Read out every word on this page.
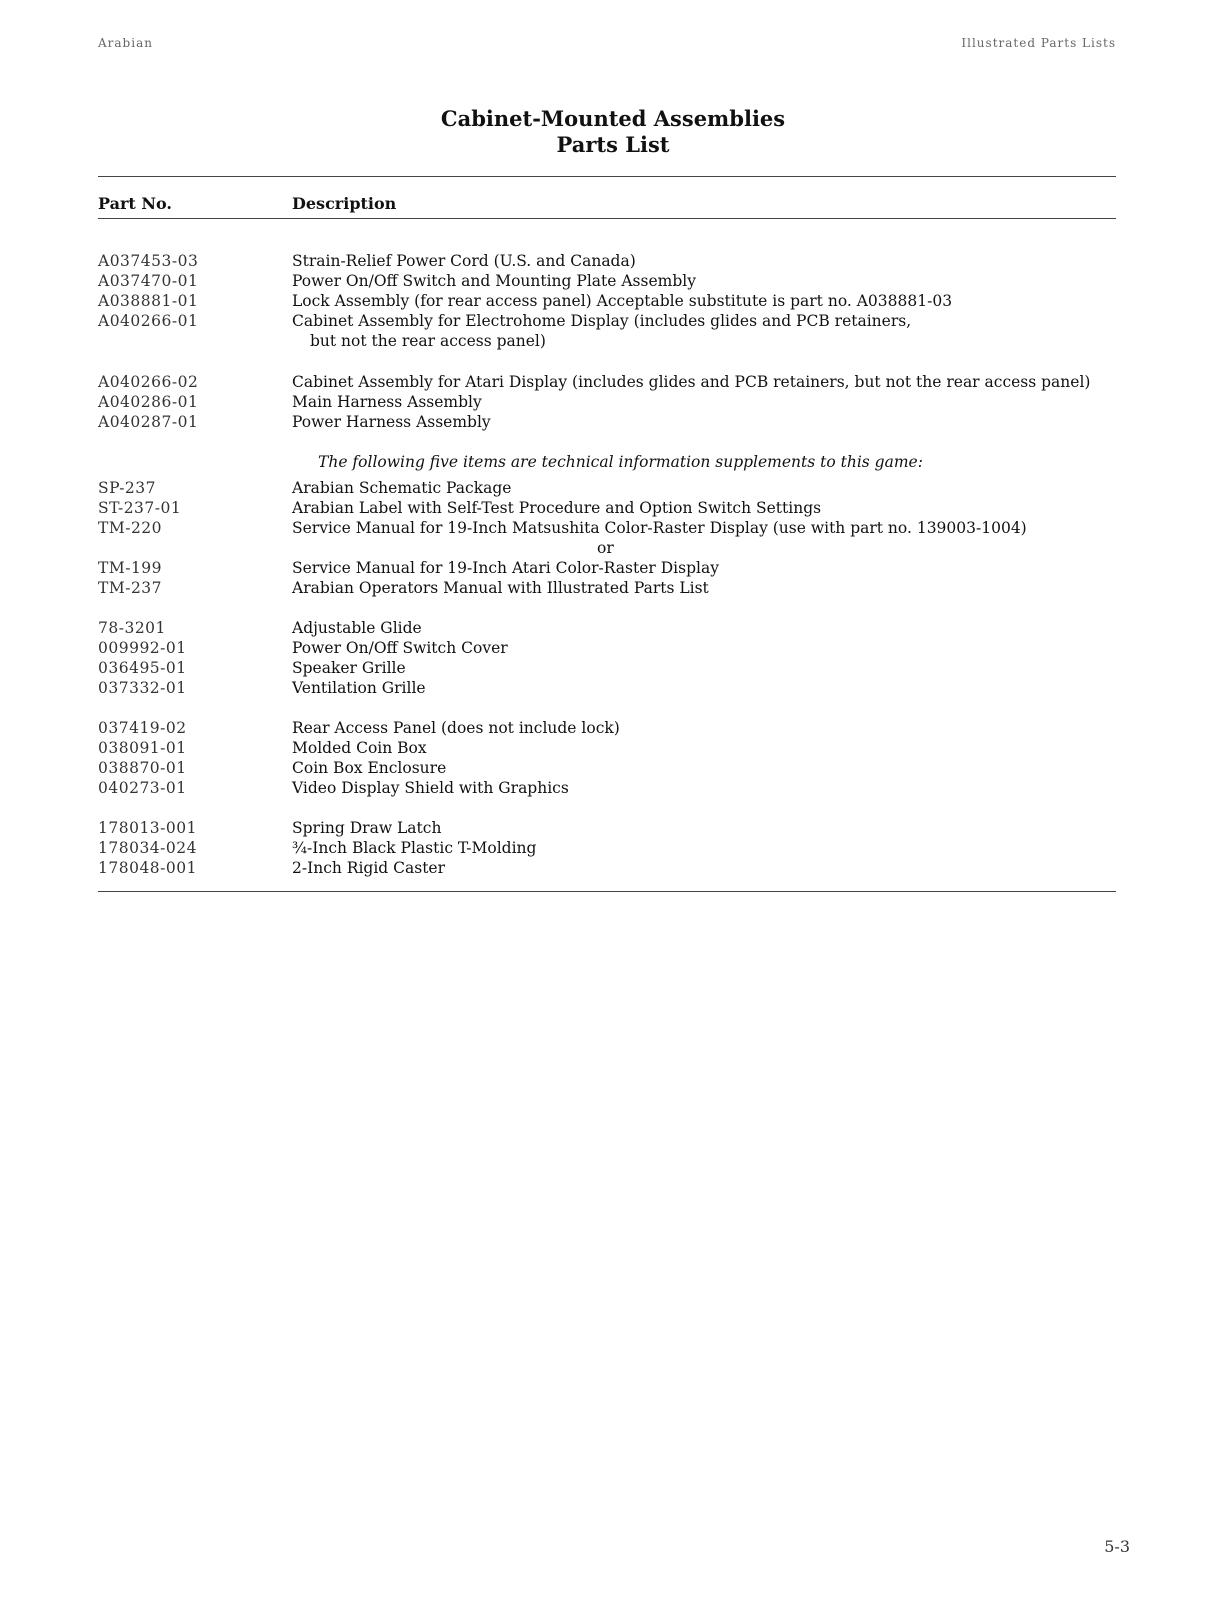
Arabian	Illustrated Parts Lists
Cabinet-Mounted Assemblies
Parts List
Part No.	Description
A037453-03	Strain-Relief Power Cord (U.S. and Canada)
A037470-01	Power On/Off Switch and Mounting Plate Assembly
A038881-01	Lock Assembly (for rear access panel) Acceptable substitute is part no. A038881-03
A040266-01	Cabinet Assembly for Electrohome Display (includes glides and PCB retainers,
but not the rear access panel)
A040266-02	Cabinet Assembly for Atari Display (includes glides and PCB retainers, but not the rear access panel)
A040286-01	Main Harness Assembly
A040287-01	Power Harness Assembly
The following five items are technical information supplements to this game:
SP-237	Arabian Schematic Package
ST-237-01	Arabian Label with Self-Test Procedure and Option Switch Settings
TM-220	Service Manual for 19-Inch Matsushita Color-Raster Display (use with part no. 139003-1004)
or
TM-199	Service Manual for 19-Inch Atari Color-Raster Display
TM-237	Arabian Operators Manual with Illustrated Parts List
78-3201	Adjustable Glide
009992-01	Power On/Off Switch Cover
036495-01	Speaker Grille
037332-01	Ventilation Grille
037419-02	Rear Access Panel (does not include lock)
038091-01	Molded Coin Box
038870-01	Coin Box Enclosure
040273-01	Video Display Shield with Graphics
178013-001	Spring Draw Latch
178034-024	¾-Inch Black Plastic T-Molding
178048-001	2-Inch Rigid Caster
5-3
